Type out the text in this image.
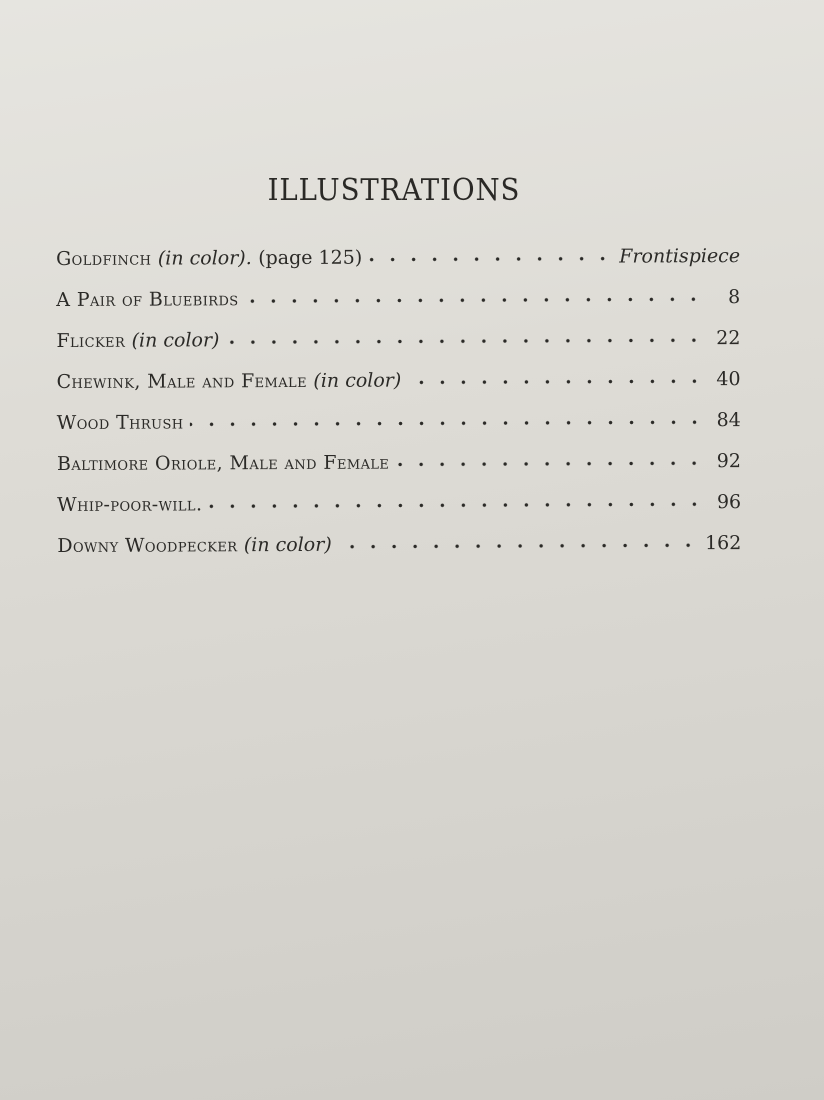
ILLUSTRATIONS
Goldfinch (in color). (page 125)	Frontispiece
A Pair of Bluebirds	8
Flicker (in color)	22
Chewink, Male and Female (in color)	40
Wood Thrush	84
Baltimore Oriole, Male and Female	92
Whip-poor-will.	96
Downy Woodpecker (in color)	162
